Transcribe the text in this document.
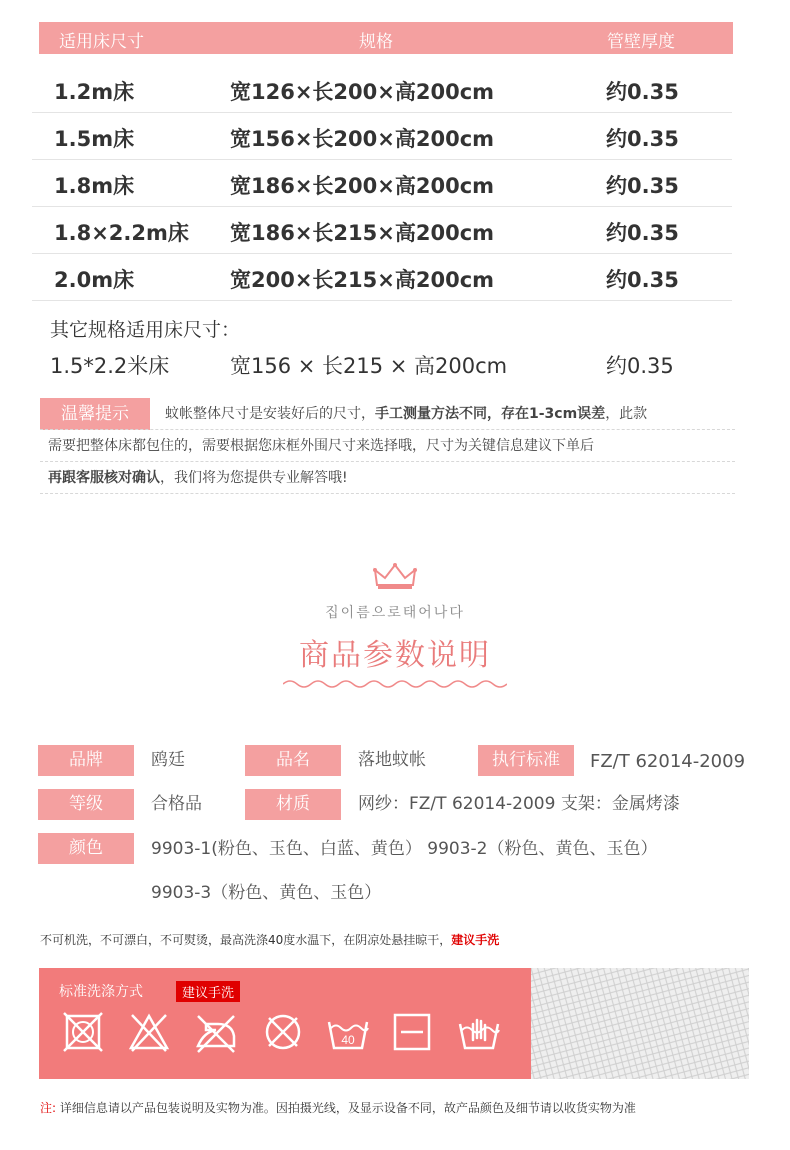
适用床尺寸	规格	管壁厚度
1.2m床	宽126×长200×高200cm	约0.35
1.5m床	宽156×长200×高200cm	约0.35
1.8m床	宽186×长200×高200cm	约0.35
1.8×2.2m床 宽186×长215×高200cm	约0.35
2.0m床	宽200×长215×高200cm	约0.35
其它规格适用床尺寸：
1.5*2.2米床	宽156 × 长215 × 高200cm	约0.35
温馨提示	蚊帐整体尺寸是安装好后的尺寸，手工测量方法不同，存在1-3cm误差，此款
需要把整体床都包住的，需要根据您床框外围尺寸来选择哦，尺寸为关键信息建议下单后
再跟客服核对确认，我们将为您提供专业解答哦!
집이름으로태어나다
商品参数说明
品牌	鸥廷	品名	落地蚊帐	执行标准	FZ/T 62014-2009
等级	合格品	材质	网纱：FZ/T 62014-2009 支架：金属烤漆
颜色	9903-1(粉色、玉色、白蓝、黄色） 9903-2（粉色、黄色、玉色）
9903-3（粉色、黄色、玉色）
不可机洗，不可漂白，不可熨烫，最高洗涤40度水温下，在阴凉处悬挂晾干，建议手洗
标准洗涤方式	建议手洗
40
注: 详细信息请以产品包装说明及实物为准。因拍摄光线，及显示设备不同，故产品颜色及细节请以收货实物为准
